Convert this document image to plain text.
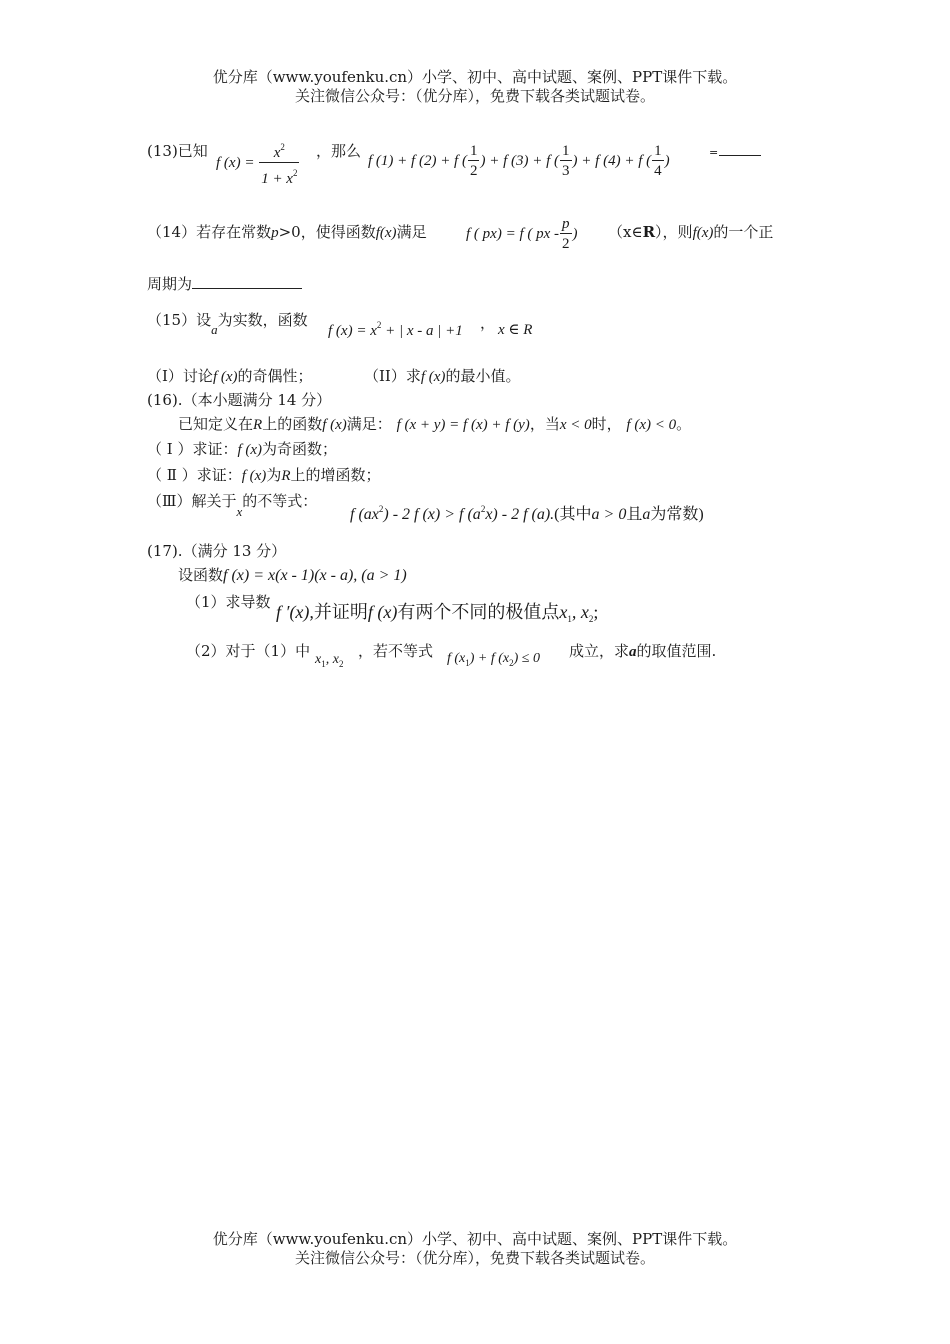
优分库（www.youfenku.cn）小学、初中、高中试题、案例、PPT课件下载。
关注微信公众号：（优分库），免费下载各类试题试卷。
(13)已知
f $(x) = \frac{x^2}{1 + x^2}$ ，那么
f (1) + f (2) + f ( $\frac{1}{2}$ ) + f (3) + f ( $\frac{1}{3}$ ) + f (4) + f ( $\frac{1}{4}$ )
=
（14）若存在常数p>0，使得函数f(x)满足	f ( px) = f ( px - $\frac{p}{2}$ ) （x∈R），则f(x)的一个正
周期为
（15）设a为实数，函数
f $(x) = x^2$ + | x - a | +1 ， x ∈ R
（I）讨论f (x)的奇偶性；	（II）求f (x)的最小值。
(16).（本小题满分 14 分）
已知定义在R上的函数f (x)满足： f (x + y) = f (x) + f (y)，当x < 0时， f (x) < 0。
（ Ⅰ ）求证：f (x)为奇函数；
（ Ⅱ ）求证：f (x)为R上的增函数；
（Ⅲ）解关于x的不等式：
f $(ax^2) - 2$ f (x) > f $(a^2x) - 2$ f (a).(其中a > 0且a为常数)
(17).（满分 13 分）
设函数f (x) = x(x - 1)(x - a), (a > 1)
（1）求导数 f ′(x),并证明f (x)有两个不同的极值点$x_1$, $x_2$;
（2）对于（1）中 $x_1$, $x_2$
，若不等式 f $(x_1) + f$ $(x_2) \le 0$ 成立，求a的取值范围.
优分库（www.youfenku.cn）小学、初中、高中试题、案例、PPT课件下载。
关注微信公众号：（优分库），免费下载各类试题试卷。
